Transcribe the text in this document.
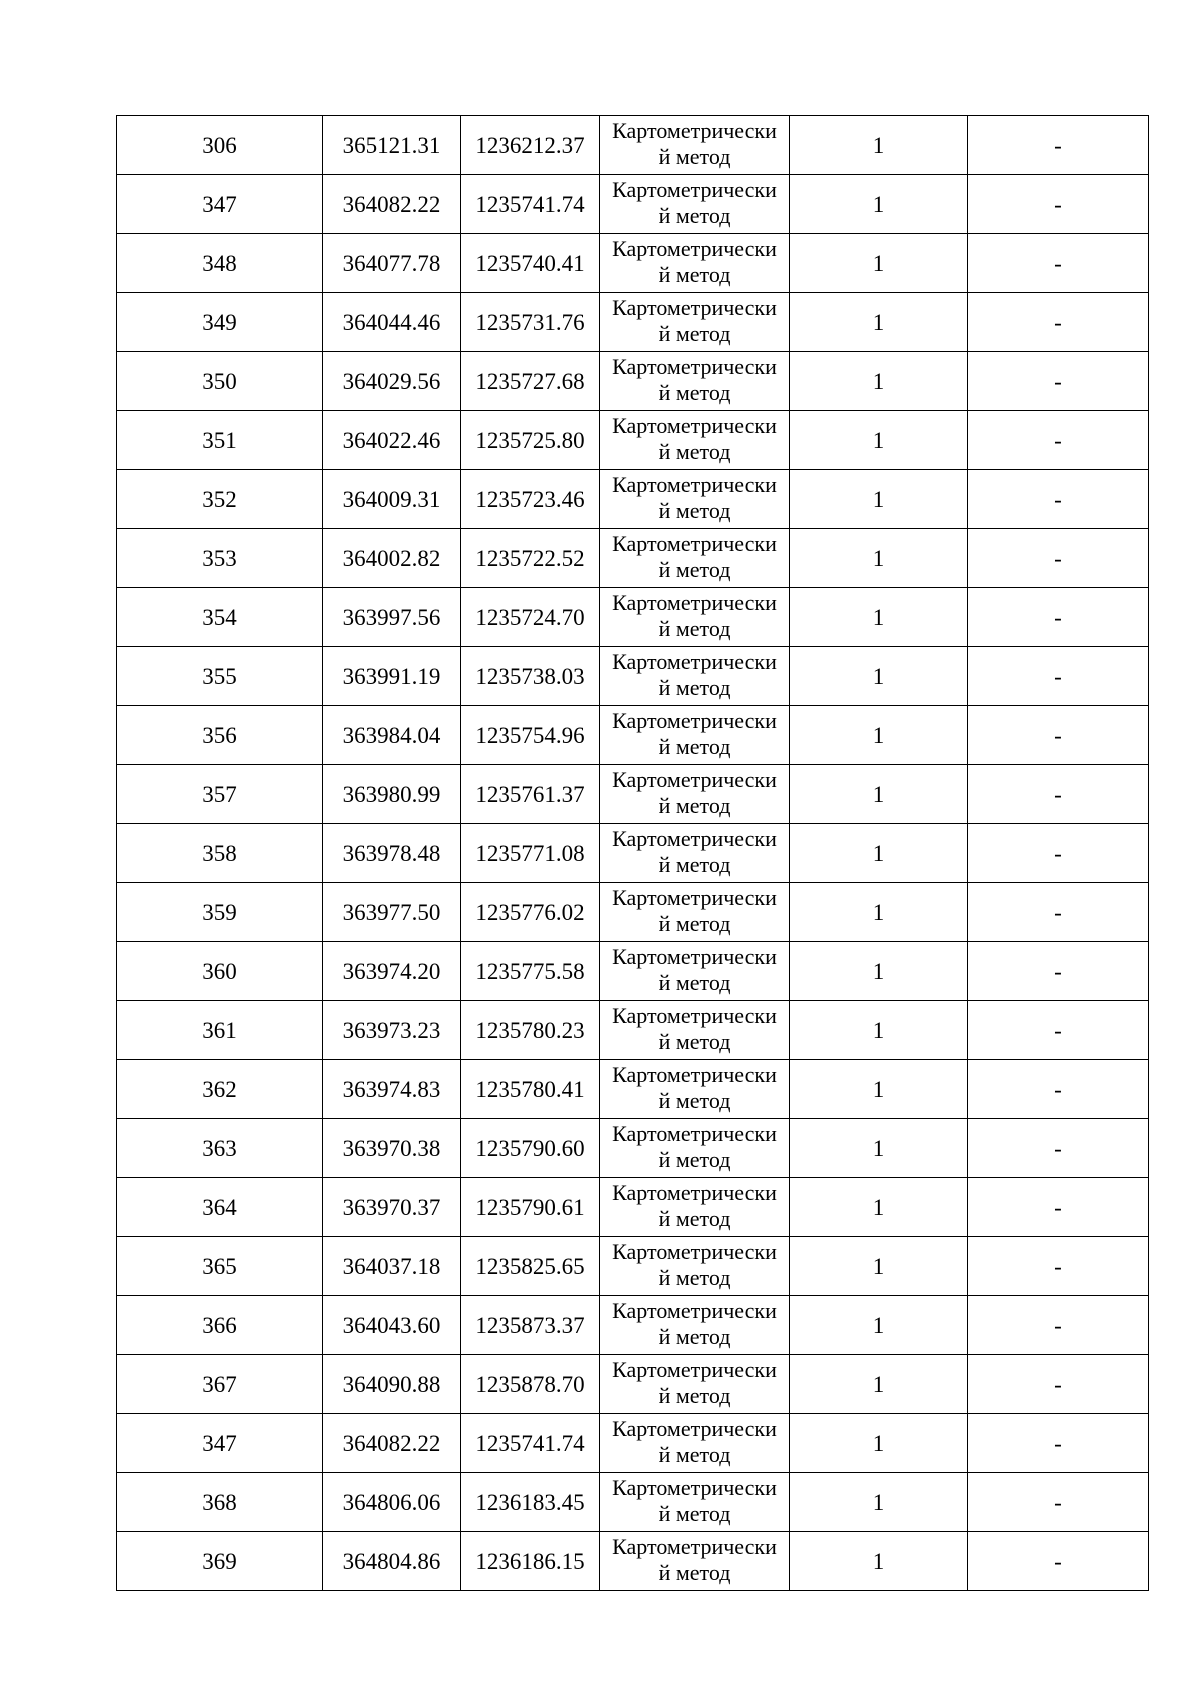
306	365121.31	1236212.37	Картометрически
й метод	1	-
347	364082.22	1235741.74	Картометрически
й метод	1	-
348	364077.78	1235740.41	Картометрически
й метод	1	-
349	364044.46	1235731.76	Картометрически
й метод	1	-
350	364029.56	1235727.68	Картометрически
й метод	1	-
351	364022.46	1235725.80	Картометрически
й метод	1	-
352	364009.31	1235723.46	Картометрически
й метод	1	-
353	364002.82	1235722.52	Картометрически
й метод	1	-
354	363997.56	1235724.70	Картометрически
й метод	1	-
355	363991.19	1235738.03	Картометрически
й метод	1	-
356	363984.04	1235754.96	Картометрически
й метод	1	-
357	363980.99	1235761.37	Картометрически
й метод	1	-
358	363978.48	1235771.08	Картометрически
й метод	1	-
359	363977.50	1235776.02	Картометрически
й метод	1	-
360	363974.20	1235775.58	Картометрически
й метод	1	-
361	363973.23	1235780.23	Картометрически
й метод	1	-
362	363974.83	1235780.41	Картометрически
й метод	1	-
363	363970.38	1235790.60	Картометрически
й метод	1	-
364	363970.37	1235790.61	Картометрически
й метод	1	-
365	364037.18	1235825.65	Картометрически
й метод	1	-
366	364043.60	1235873.37	Картометрически
й метод	1	-
367	364090.88	1235878.70	Картометрически
й метод	1	-
347	364082.22	1235741.74	Картометрически
й метод	1	-
368	364806.06	1236183.45	Картометрически
й метод	1	-
369	364804.86	1236186.15	Картометрически
й метод	1	-
